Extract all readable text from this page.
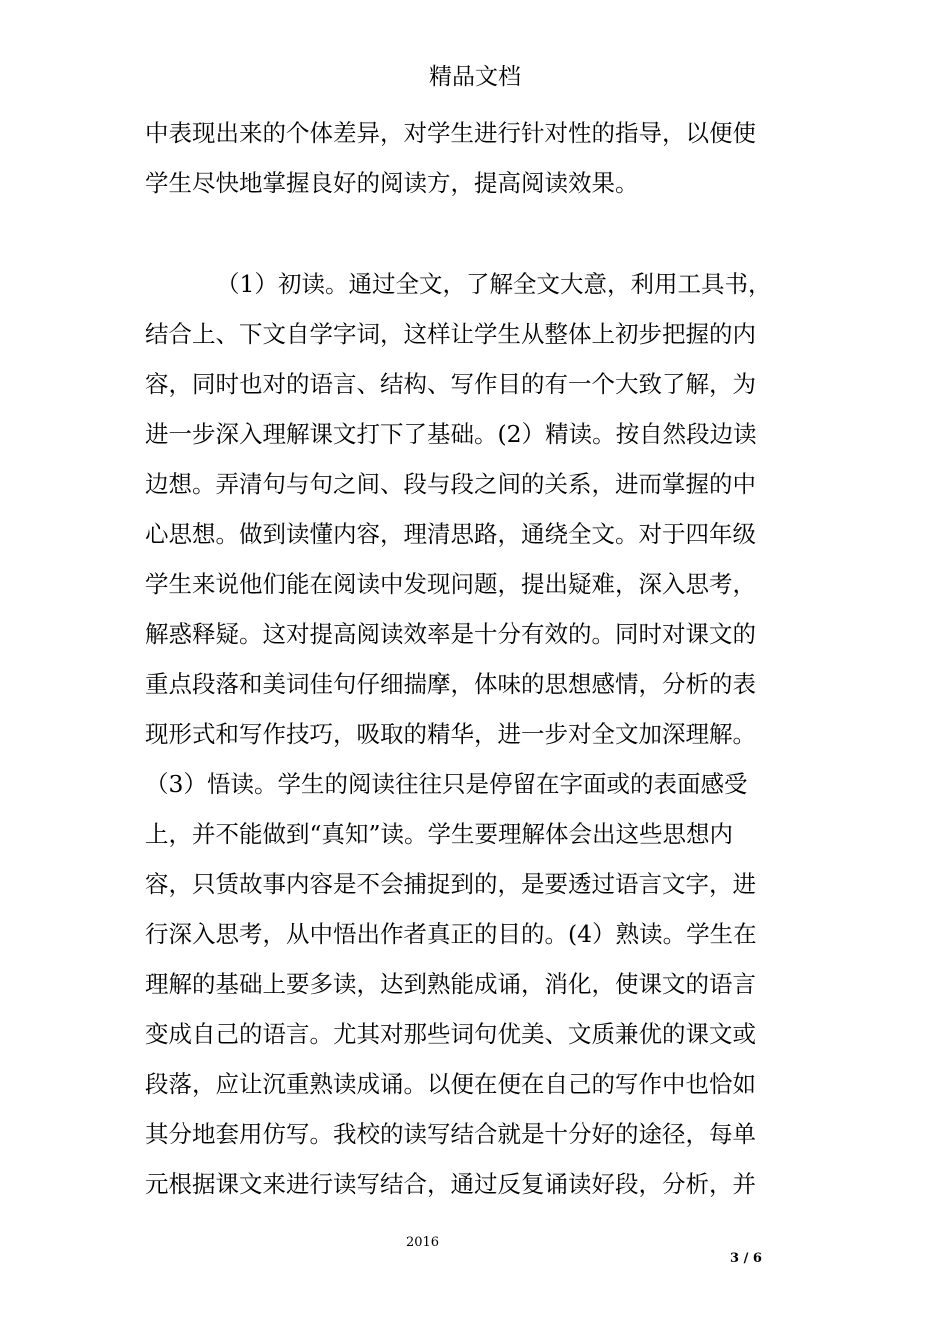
精品文档
中表现出来的个体差异，对学生进行针对性的指导，以便使
学生尽快地掌握良好的阅读方，提高阅读效果。
（1）初读。通过全文，了解全文大意，利用工具书，
结合上、下文自学字词，这样让学生从整体上初步把握的内
容，同时也对的语言、结构、写作目的有一个大致了解，为
进一步深入理解课文打下了基础。(2）精读。按自然段边读
边想。弄清句与句之间、段与段之间的关系，进而掌握的中
心思想。做到读懂内容，理清思路，通绕全文。对于四年级
学生来说他们能在阅读中发现问题，提出疑难，深入思考，
解惑释疑。这对提高阅读效率是十分有效的。同时对课文的
重点段落和美词佳句仔细揣摩，体味的思想感情，分析的表
现形式和写作技巧，吸取的精华，进一步对全文加深理解。
（3）悟读。学生的阅读往往只是停留在字面或的表面感受
上，并不能做到“真知”读。学生要理解体会出这些思想内
容，只赁故事内容是不会捕捉到的，是要透过语言文字，进
行深入思考，从中悟出作者真正的目的。(4）熟读。学生在
理解的基础上要多读，达到熟能成诵，消化，使课文的语言
变成自己的语言。尤其对那些词句优美、文质兼优的课文或
段落，应让沉重熟读成诵。以便在便在自己的写作中也恰如
其分地套用仿写。我校的读写结合就是十分好的途径，每单
元根据课文来进行读写结合，通过反复诵读好段，分析，并
2016
3 / 6
